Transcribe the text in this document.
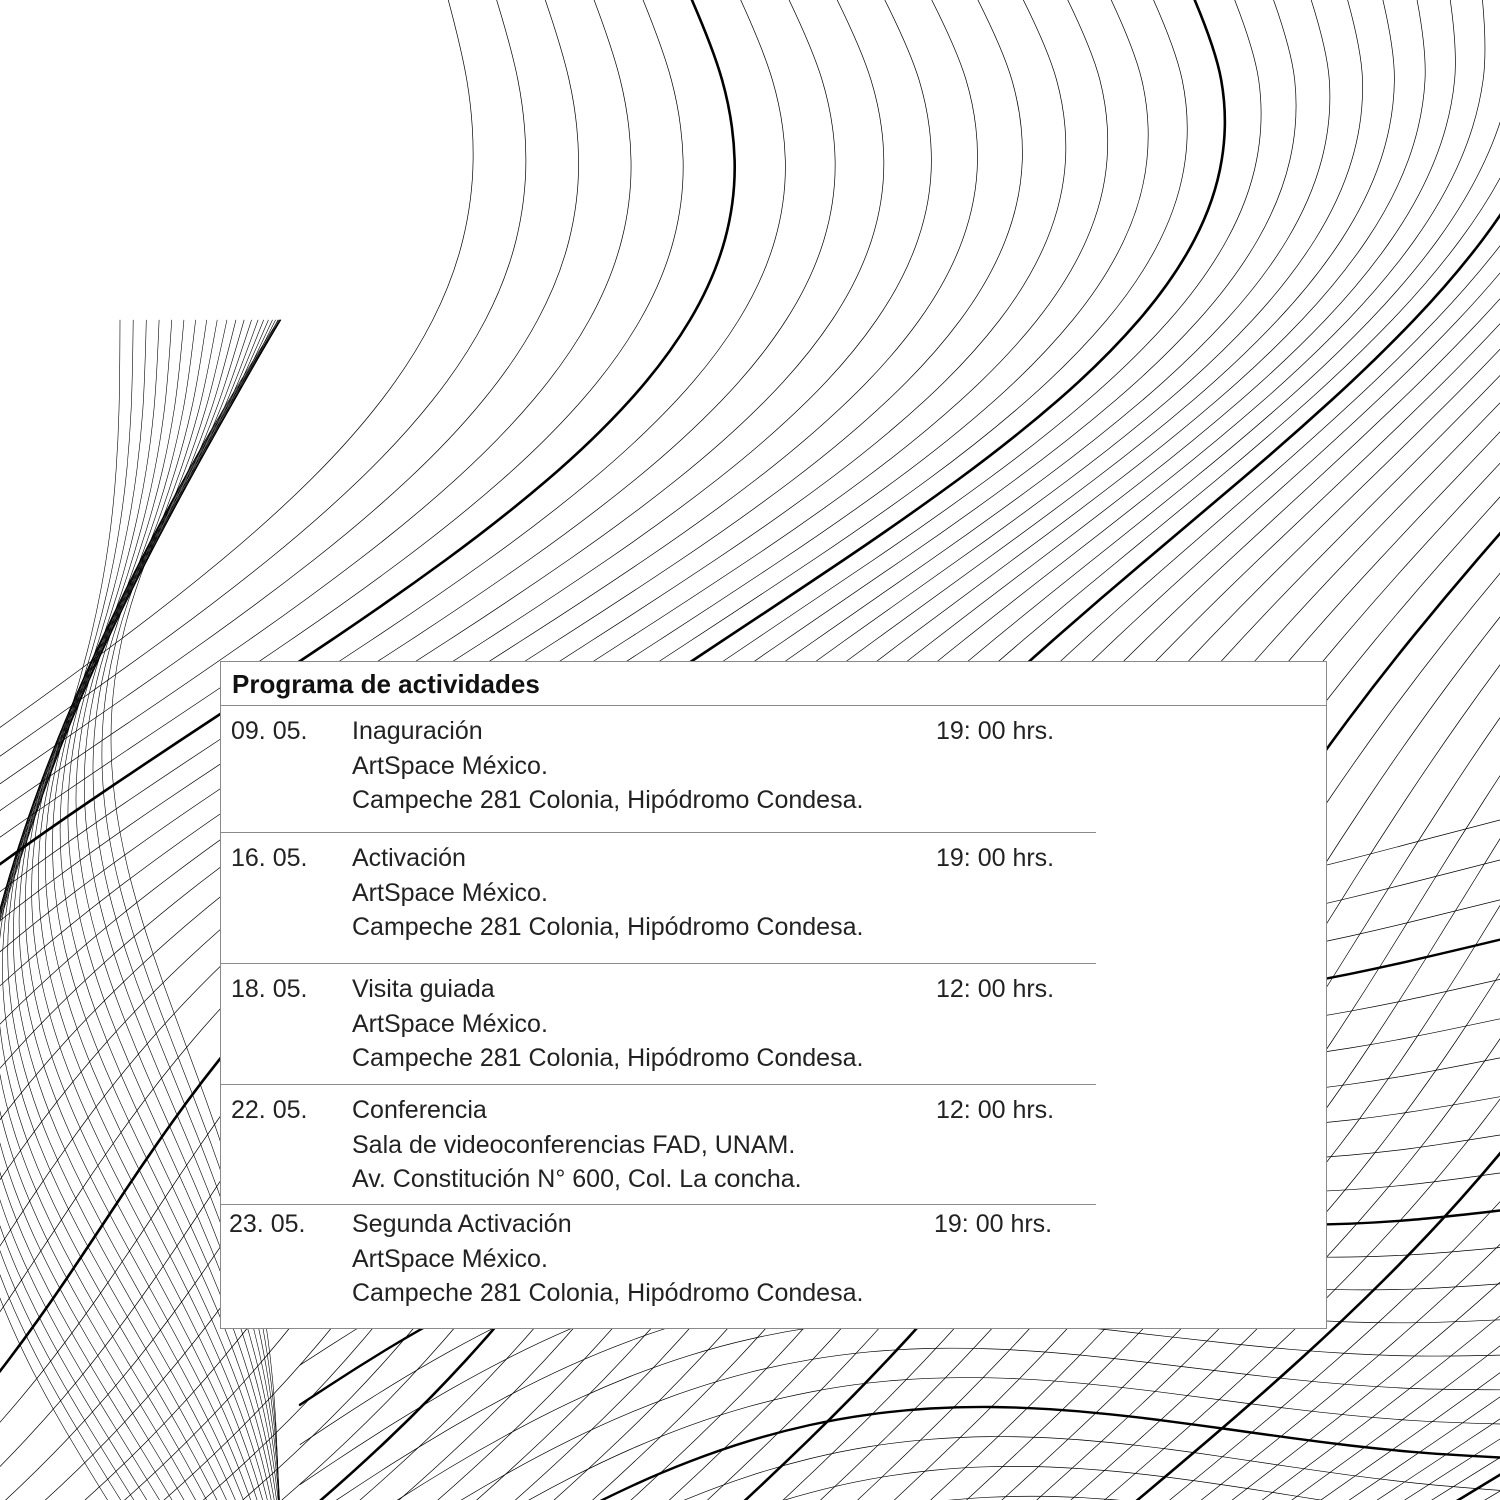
Programa de actividades
09. 05. Inaguración
ArtSpace México.
Campeche 281 Colonia, Hipódromo Condesa.
19: 00 hrs.
16. 05. Activación
ArtSpace México.
Campeche 281 Colonia, Hipódromo Condesa.
19: 00 hrs.
18. 05. Visita guiada
ArtSpace México.
Campeche 281 Colonia, Hipódromo Condesa.
12: 00 hrs.
22. 05. Conferencia
Sala de videoconferencias FAD, UNAM.
Av. Constitución N° 600, Col. La concha.
12: 00 hrs.
23. 05. Segunda Activación
ArtSpace México.
Campeche 281 Colonia, Hipódromo Condesa.
19: 00 hrs.
